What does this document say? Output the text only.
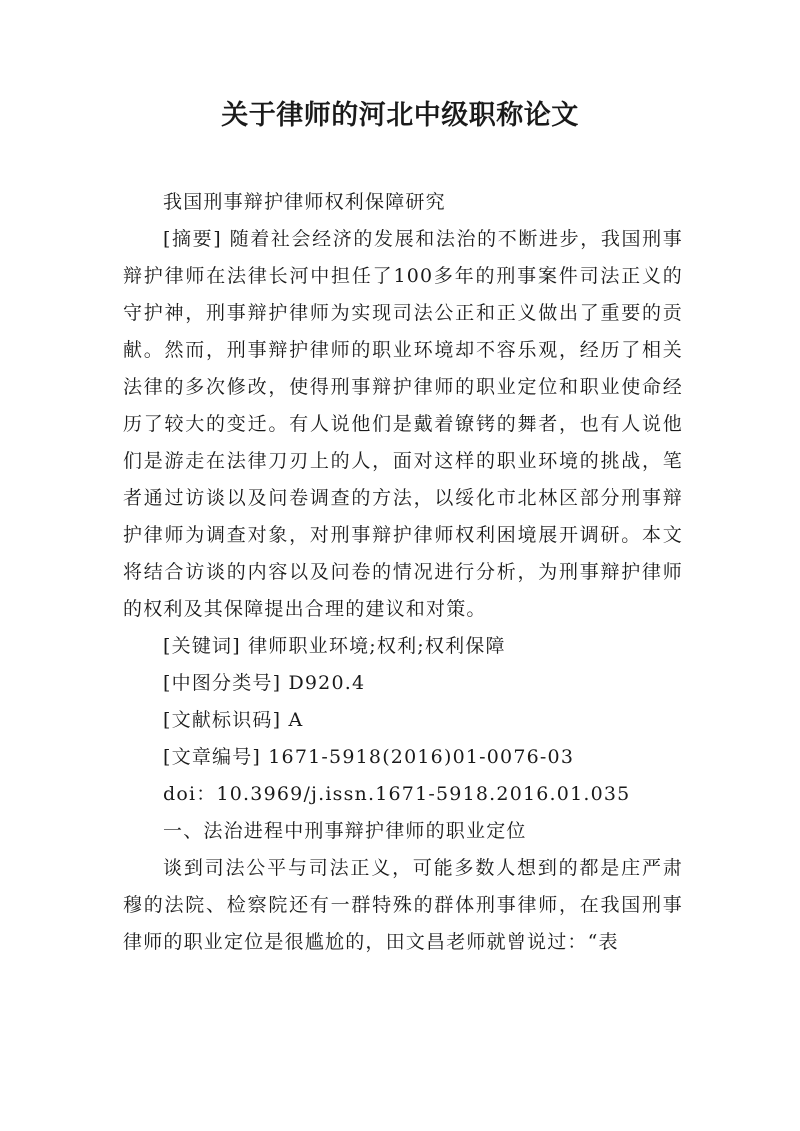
关于律师的河北中级职称论文

我国刑事辩护律师权利保障研究

[摘要] 随着社会经济的发展和法治的不断进步，我国刑事辩护律师在法律长河中担任了100多年的刑事案件司法正义的守护神，刑事辩护律师为实现司法公正和正义做出了重要的贡献。然而，刑事辩护律师的职业环境却不容乐观，经历了相关法律的多次修改，使得刑事辩护律师的职业定位和职业使命经历了较大的变迁。有人说他们是戴着镣铐的舞者，也有人说他们是游走在法律刀刃上的人，面对这样的职业环境的挑战，笔者通过访谈以及问卷调查的方法，以绥化市北林区部分刑事辩护律师为调查对象，对刑事辩护律师权利困境展开调研。本文将结合访谈的内容以及问卷的情况进行分析，为刑事辩护律师的权利及其保障提出合理的建议和对策。

[关键词] 律师职业环境;权利;权利保障

[中图分类号] D920.4

[文献标识码] A

[文章编号] 1671-5918(2016)01-0076-03

doi：10.3969/j.issn.1671-5918.2016.01.035

一、法治进程中刑事辩护律师的职业定位

谈到司法公平与司法正义，可能多数人想到的都是庄严肃穆的法院、检察院还有一群特殊的群体刑事律师，在我国刑事律师的职业定位是很尴尬的，田文昌老师就曾说过：“表
